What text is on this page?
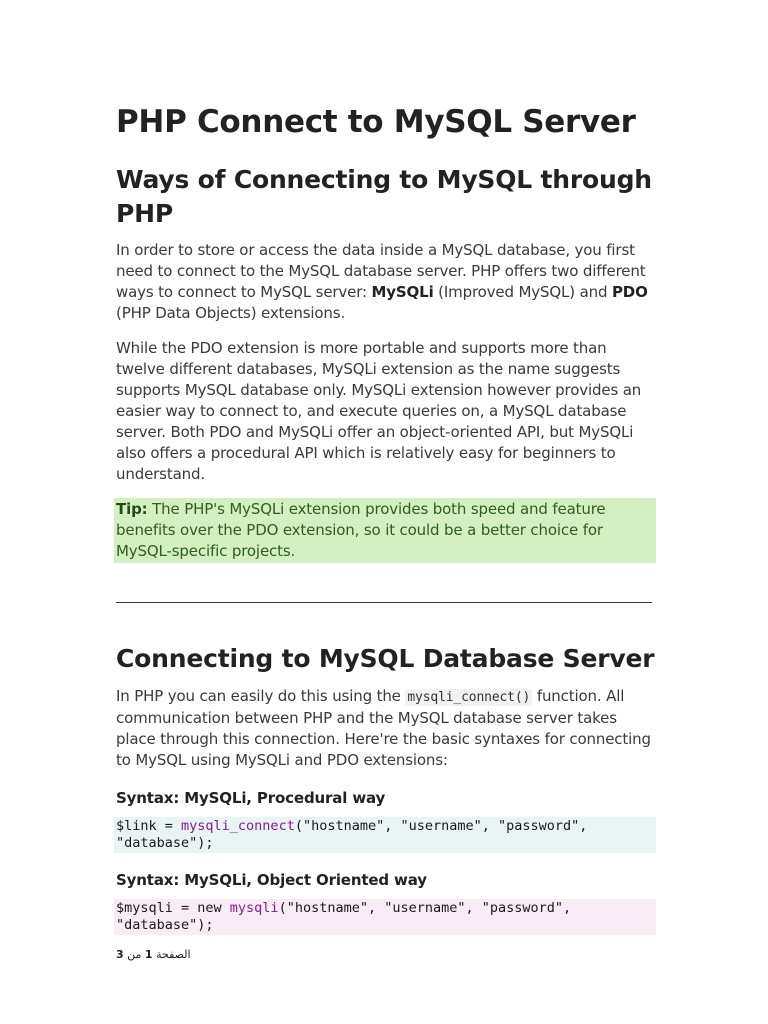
PHP Connect to MySQL Server
Ways of Connecting to MySQL through PHP

In order to store or access the data inside a MySQL database, you first need to connect to the MySQL database server. PHP offers two different ways to connect to MySQL server: MySQLi (Improved MySQL) and PDO (PHP Data Objects) extensions.

While the PDO extension is more portable and supports more than twelve different databases, MySQLi extension as the name suggests supports MySQL database only. MySQLi extension however provides an easier way to connect to, and execute queries on, a MySQL database server. Both PDO and MySQLi offer an object-oriented API, but MySQLi also offers a procedural API which is relatively easy for beginners to understand.

Tip: The PHP's MySQLi extension provides both speed and feature benefits over the PDO extension, so it could be a better choice for MySQL-specific projects.
Connecting to MySQL Database Server

In PHP you can easily do this using the mysqli_connect() function. All communication between PHP and the MySQL database server takes place through this connection. Here're the basic syntaxes for connecting to MySQL using MySQLi and PDO extensions:

Syntax: MySQLi, Procedural way
$link = mysqli_connect("hostname", "username", "password", "database");
Syntax: MySQLi, Object Oriented way
$mysqli = new mysqli("hostname", "username", "password", "database");
الصفحة 1 من 3
